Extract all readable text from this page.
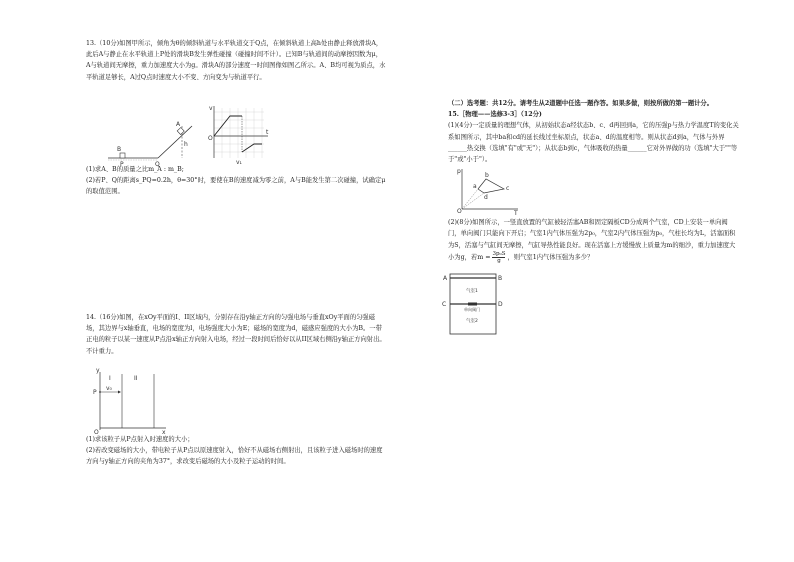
13.（10分)如图甲所示，倾角为θ的倾斜轨道与水平轨道交于Q点，在倾斜轨道上高h处由静止释放滑块A，此后A与静止在水平轨道上P处的滑块B发生弹性碰撞（碰撞时间不计）。已知B与轨道间的动摩擦因数为μ，A与轨道间无摩擦，重力加速度大小为g。滑块A的部分速度一时间图像如图乙所示。A、B均可视为质点，水平轨道足够长，A过Q点时速度大小不变、方向变为与轨道平行。

A
B
P	Q
h
v
t
O
v₁

(1)求A、B的质量之比m_A : m_B;

(2)若P、Q的距离s_PQ=0.2h，θ=30°时，要使在B的速度减为零之前，A与B能发生第二次碰撞，试确定μ的取值范围。

14.（16分)如图，在xOy平面的I、II区域内，分别存在沿y轴正方向的匀强电场与垂直xOy平面的匀强磁场，其边界与x轴垂直，电场的宽度为l，电场强度大小为E；磁场的宽度为d，磁感应强度的大小为B。一带正电的粒子以某一速度从P点沿x轴正方向射入电场，经过一段时间后恰好以从II区域右侧沿y轴正方向射出。不计重力。

y
x
O
P
I	II
v₀

(1)求该粒子从P点射入时速度的大小；

(2)若改变磁场的大小，带电粒子从P点以原速度射入，恰好不从磁场右侧射出，且该粒子进入磁场时的速度方向与y轴正方向的夹角为37°，求改变后磁场的大小及粒子运动的时间。

（二）选考题：共12分。请考生从2道题中任选一题作答。如果多做，则按所做的第一题计分。

15.［物理——选修3-3］（12分)

(1)(4分)一定质量的理想气体，从初始状态a经状态b、c、d再回到a，它的压强p与热力学温度T的变化关系如图所示，其中ba和cd的延长线过坐标原点，状态a、d的温度相等。则从状态d到a，气体与外界______热交换（选填"有"或"无"）；从状态b到c，气体吸收的热量______它对外界做的功（选填"大于""等于"或"小于"）。

p
T
O
a
b
c
d

(2)(8分)如图所示，一竖直放置的气缸被轻活塞AB和固定隔板CD分成两个气室，CD上安装一单向阀门，单向阀门只能向下开启；气室1内气体压强为2p₀，气室2内气体压强为p₀，气柱长均为L，活塞面积为S，活塞与气缸间无摩擦，气缸导热性能良好。现在活塞上方缓慢放上质量为m的细沙，重力加速度大小为g，若$m = \frac{\text{3p₀S}}{g}$ ，则气室1内气体压强为多少？

A	B
C	D
气室1
单向阀门
气室2
